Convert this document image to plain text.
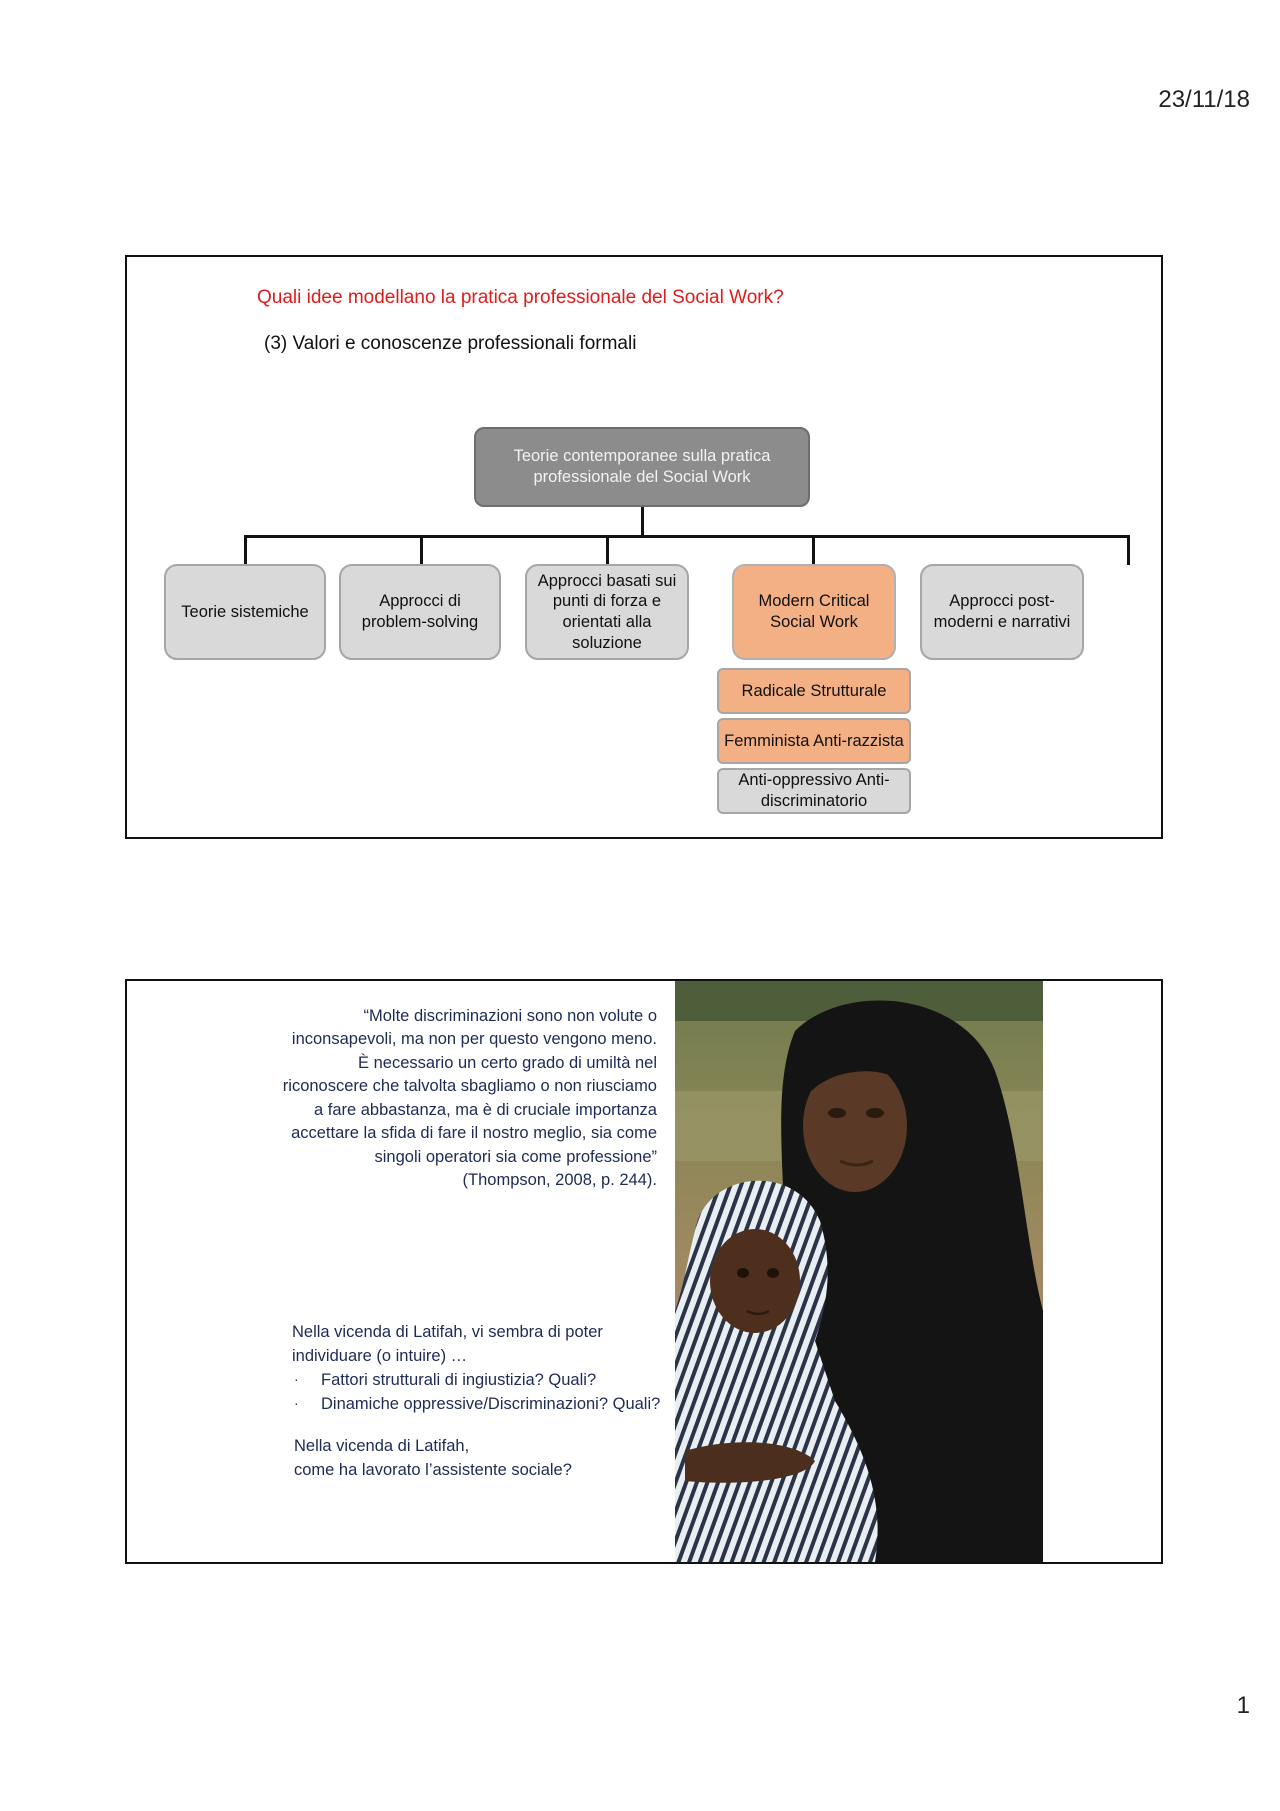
23/11/18
Quali idee modellano la pratica professionale del Social Work?
(3) Valori e conoscenze professionali formali
Teorie contemporanee sulla pratica professionale del Social Work
Teorie sistemiche
Approcci di problem-solving
Approcci basati sui punti di forza e orientati alla soluzione
Modern Critical Social Work
Approcci post-moderni e narrativi
Radicale Strutturale
Femminista Anti-razzista
Anti-oppressivo Anti-discriminatorio
“Molte discriminazioni sono non volute o inconsapevoli, ma non per questo vengono meno. È necessario un certo grado di umiltà nel riconoscere che talvolta sbagliamo o non riusciamo a fare abbastanza, ma è di cruciale importanza accettare la sfida di fare il nostro meglio, sia come singoli operatori sia come professione”
(Thompson, 2008, p. 244).
Nella vicenda di Latifah, vi sembra di poter individuare (o intuire) …
· Fattori strutturali di ingiustizia? Quali?
· Dinamiche oppressive/Discriminazioni? Quali?
Nella vicenda di Latifah,
come ha lavorato l’assistente sociale?
1
